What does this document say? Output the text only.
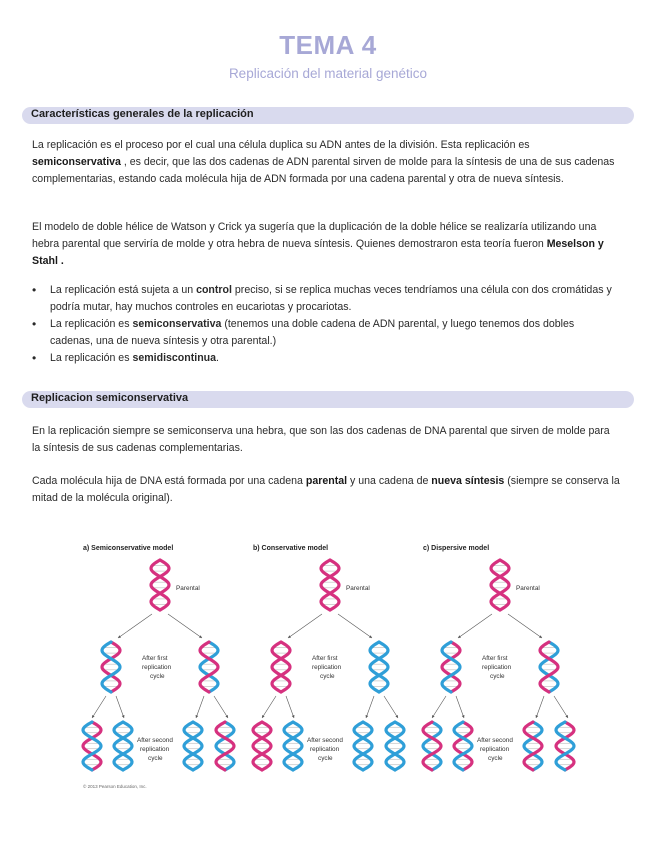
TEMA 4
Replicación del material genético
Características generales de la replicación
La replicación es el proceso por el cual una célula duplica su ADN antes de la división. Esta replicación es semiconservativa , es decir, que las dos cadenas de ADN parental sirven de molde para la síntesis de una de sus cadenas complementarias, estando cada molécula hija de ADN formada por una cadena parental y otra de nueva síntesis.
El modelo de doble hélice de Watson y Crick ya sugería que la duplicación de la doble hélice se realizaría utilizando una hebra parental que serviría de molde y otra hebra de nueva síntesis. Quienes demostraron esta teoría fueron Meselson y Stahl .
• La replicación está sujeta a un control preciso, si se replica muchas veces tendríamos una célula con dos cromátidas y podría mutar, hay muchos controles en eucariotas y procariotas.
• La replicación es semiconservativa (tenemos una doble cadena de ADN parental, y luego tenemos dos dobles cadenas, una de nueva síntesis y otra parental.)
• La replicación es semidiscontinua.
Replicacion semiconservativa
En la replicación siempre se semiconserva una hebra, que son las dos cadenas de DNA parental que sirven de molde para la síntesis de sus cadenas complementarias.
Cada molécula hija de DNA está formada por una cadena parental y una cadena de nueva síntesis (siempre se conserva la mitad de la molécula original).
a) Semiconservative model
Parental
After first
replication
cycle
After second
replication
cycle
b) Conservative model
Parental
After first
replication
cycle
After second
replication
cycle
c) Dispersive model
Parental
After first
replication
cycle
After second
replication
cycle
© 2013 Pearson Education, Inc.
